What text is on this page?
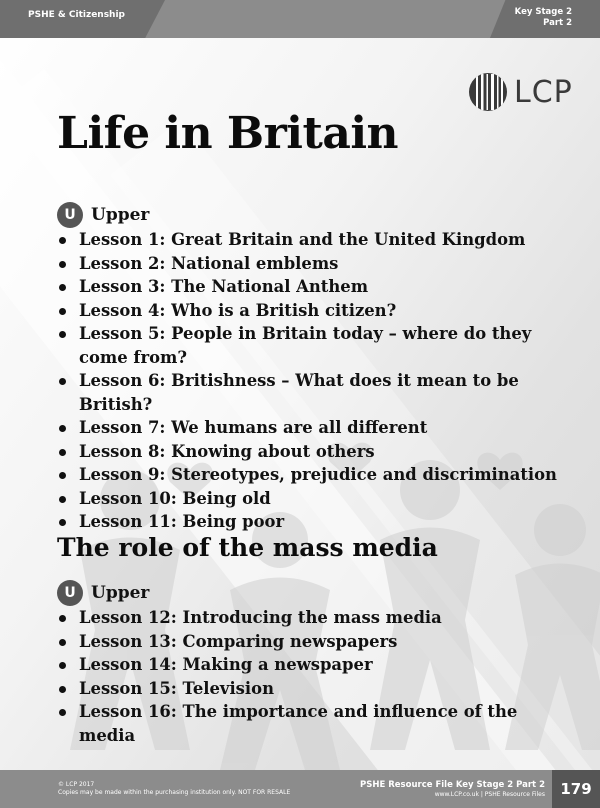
PSHE & Citizenship	Key Stage 2
Part 2
LCP
Life in Britain
U Upper
Lesson 1: Great Britain and the United Kingdom
Lesson 2: National emblems
Lesson 3: The National Anthem
Lesson 4: Who is a British citizen?
Lesson 5: People in Britain today – where do they come from?
Lesson 6: Britishness – What does it mean to be British?
Lesson 7: We humans are all different
Lesson 8: Knowing about others
Lesson 9: Stereotypes, prejudice and discrimination
Lesson 10: Being old
Lesson 11: Being poor
The role of the mass media
U Upper
Lesson 12: Introducing the mass media
Lesson 13: Comparing newspapers
Lesson 14: Making a newspaper
Lesson 15: Television
Lesson 16: The importance and influence of the media
© LCP 2017
Copies may be made within the purchasing institution only. NOT FOR RESALE
PSHE Resource File Key Stage 2 Part 2
www.LCP.co.uk | PSHE Resource Files	179
